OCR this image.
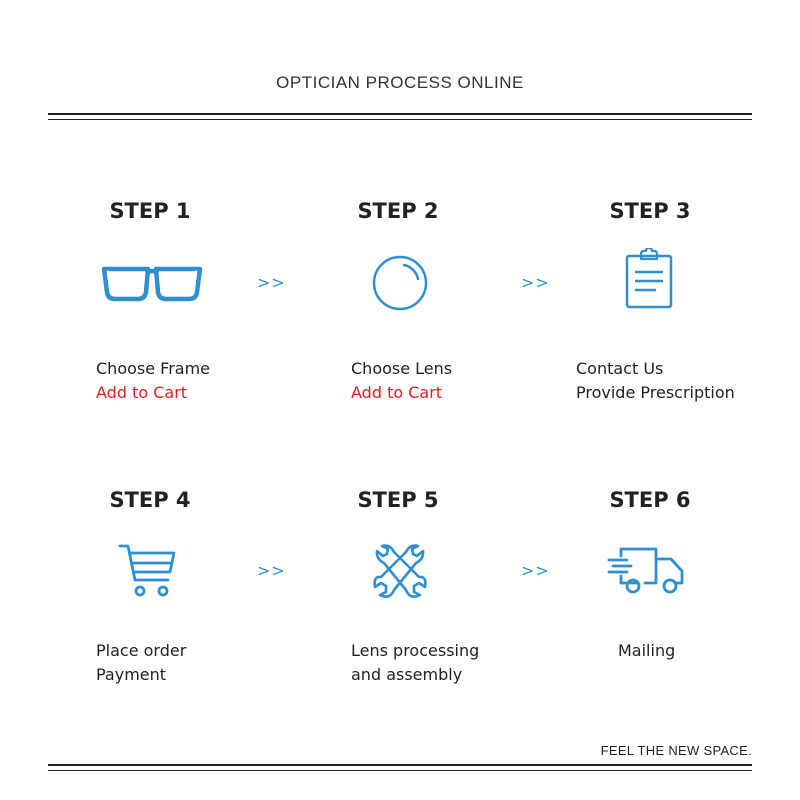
OPTICIAN PROCESS ONLINE
STEP 1
>>
STEP 2
>>
STEP 3
Choose Frame
Add to Cart
Choose Lens
Add to Cart
Contact Us
Provide Prescription
STEP 4
>>
STEP 5
>>
STEP 6
Place order
Payment
Lens processing
and assembly
Mailing
FEEL THE NEW SPACE.
